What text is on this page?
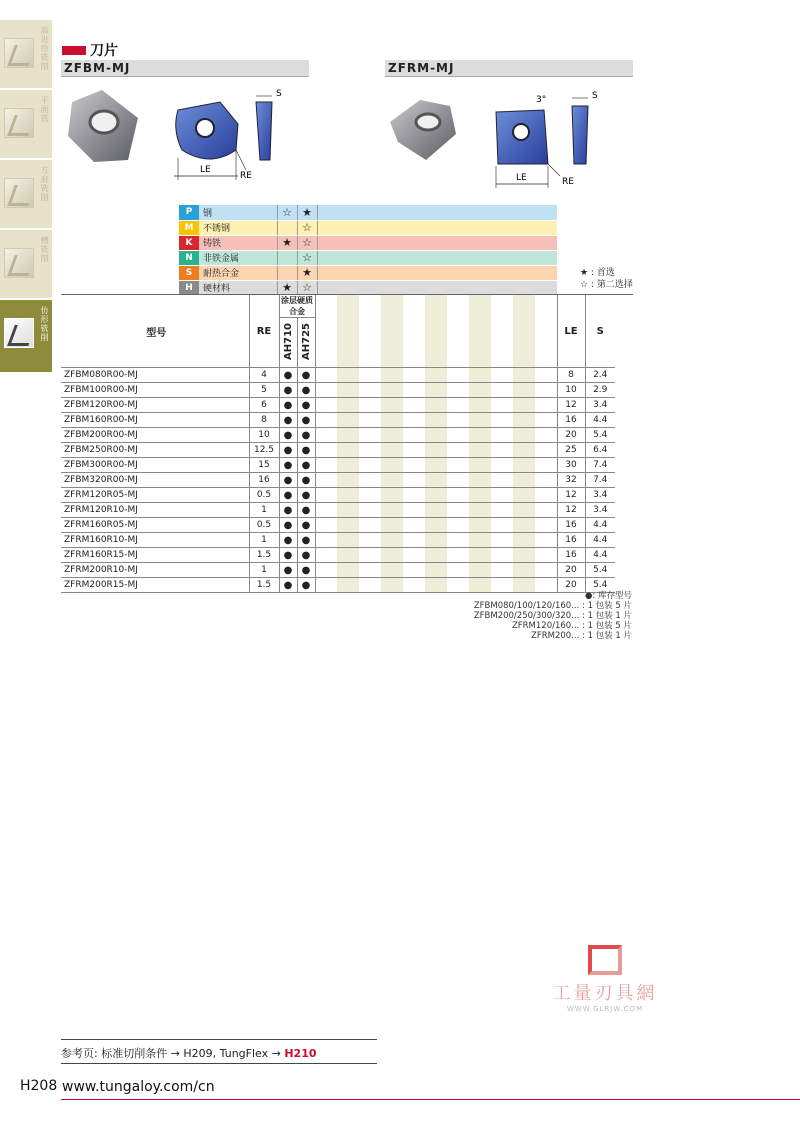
高进给铣削
平面铣
方肩铣削
槽铣削
仿形铣削
刀片
ZFBM-MJ	ZFRM-MJ
LE
RE
S
LE	RE
3°	S
P	钢	☆	★	
M	不锈钢		☆	
K	铸铁	★	☆	
N	非铁金属		☆	
S	耐热合金		★	
H	硬材料	★	☆	
★ : 首选
☆ : 第二选择
型号	RE	涂层硬质合金													LE	S
		AH710	AH725													
ZFBM080R00-MJ	4	●	●												8	2.4
ZFBM100R00-MJ	5	●	●												10	2.9
ZFBM120R00-MJ	6	●	●												12	3.4
ZFBM160R00-MJ	8	●	●												16	4.4
ZFBM200R00-MJ	10	●	●												20	5.4
ZFBM250R00-MJ	12.5	●	●												25	6.4
ZFBM300R00-MJ	15	●	●												30	7.4
ZFBM320R00-MJ	16	●	●												32	7.4
ZFRM120R05-MJ	0.5	●	●												12	3.4
ZFRM120R10-MJ	1	●	●												12	3.4
ZFRM160R05-MJ	0.5	●	●												16	4.4
ZFRM160R10-MJ	1	●	●												16	4.4
ZFRM160R15-MJ	1.5	●	●												16	4.4
ZFRM200R10-MJ	1	●	●												20	5.4
ZFRM200R15-MJ	1.5	●	●												20	5.4
●: 库存型号
ZFBM080/100/120/160... : 1 包装 5 片
ZFBM200/250/300/320... : 1 包装 1 片
ZFRM120/160... : 1 包装 5 片
ZFRM200... : 1 包装 1 片
工量刃具網
WWW.GLRJW.COM
参考页: 标准切削条件 → H209, TungFlex → H210
H208 www.tungaloy.com/cn
